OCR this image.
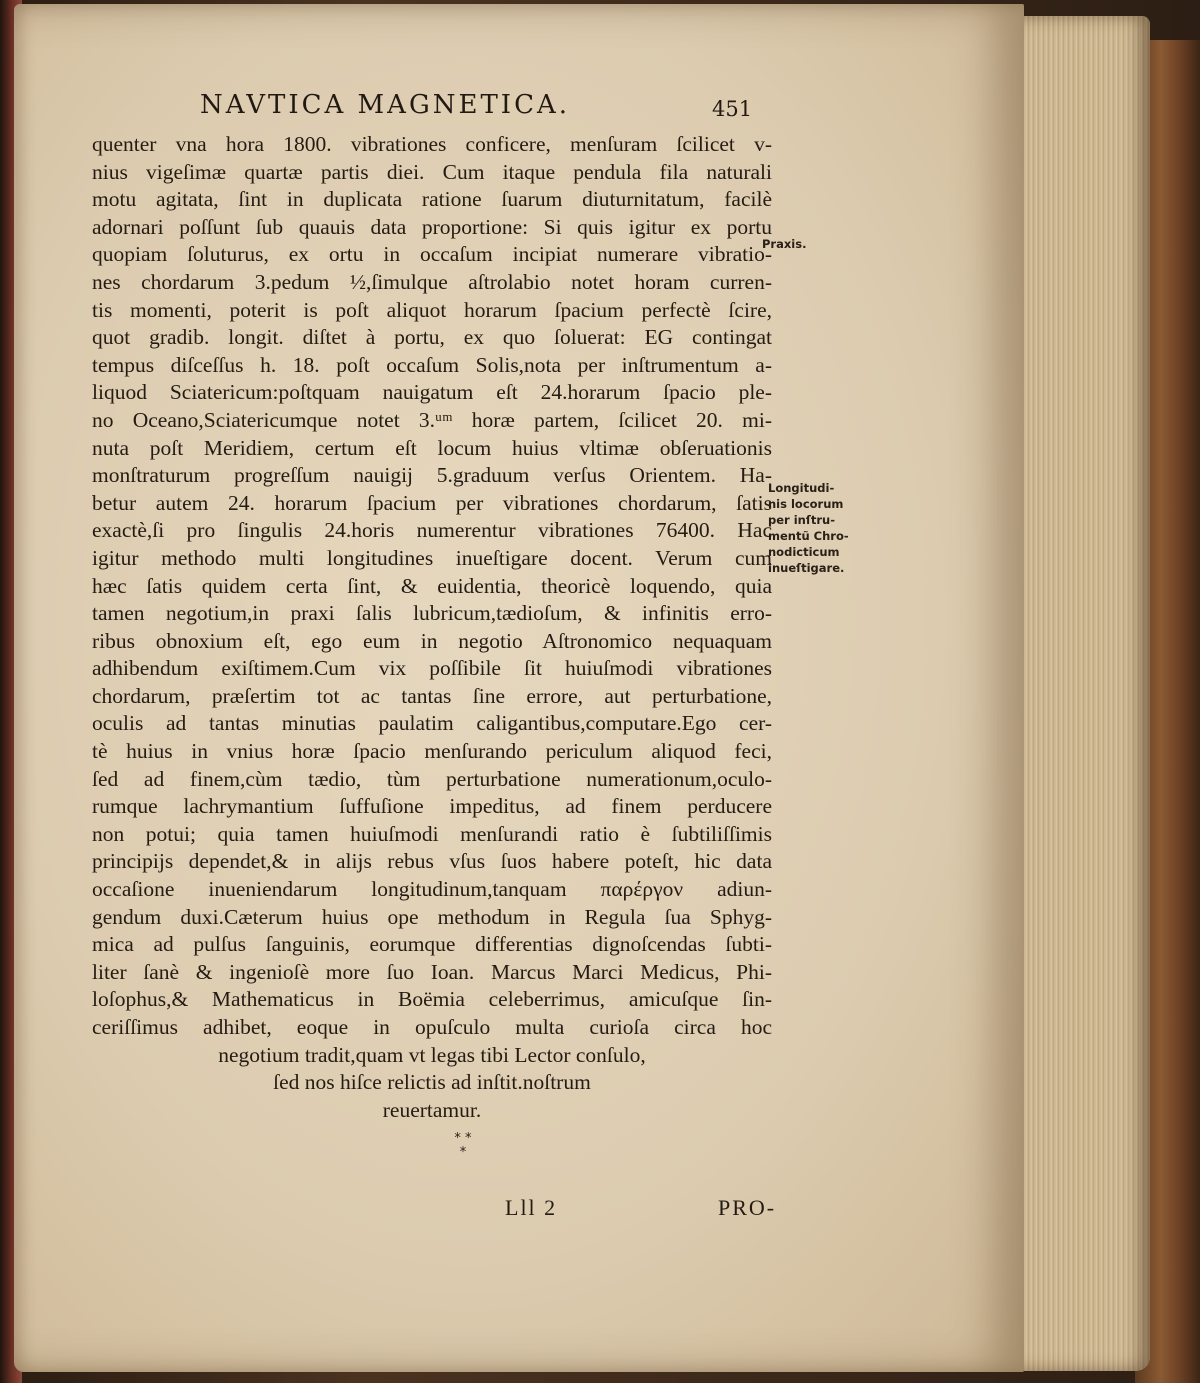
NAVTICA MAGNETICA.	451
quenter vna hora 1800. vibrationes conficere, menſuram ſcilicet v-
nius vigeſimæ quartæ partis diei. Cum itaque pendula fila naturali
motu agitata, ſint in duplicata ratione ſuarum diuturnitatum, facilè
adornari poſſunt ſub quauis data proportione: Si quis igitur ex portu
quopiam ſoluturus, ex ortu in occaſum incipiat numerare vibratio-
nes chordarum 3.pedum ½,ſimulque aſtrolabio notet horam curren-
tis momenti, poterit is poſt aliquot horarum ſpacium perfectè ſcire,
quot gradib. longit. diſtet à portu, ex quo ſoluerat: EG contingat
tempus diſceſſus h. 18. poſt occaſum Solis,nota per inſtrumentum a-
liquod Sciatericum:poſtquam nauigatum eſt 24.horarum ſpacio ple-
no Oceano,Sciatericumque notet 3.ᵘᵐ horæ partem, ſcilicet 20. mi-
nuta poſt Meridiem, certum eſt locum huius vltimæ obſeruationis
monſtraturum progreſſum nauigij 5.graduum verſus Orientem. Ha-
betur autem 24. horarum ſpacium per vibrationes chordarum, ſatis
exactè,ſi pro ſingulis 24.horis numerentur vibrationes 76400. Hac
igitur methodo multi longitudines inueſtigare docent. Verum cum
hæc ſatis quidem certa ſint, & euidentia, theoricè loquendo, quia
tamen negotium,in praxi ſalis lubricum,tædioſum, & infinitis erro-
ribus obnoxium eſt, ego eum in negotio Aſtronomico nequaquam
adhibendum exiſtimem.Cum vix poſſibile ſit huiuſmodi vibrationes
chordarum, præſertim tot ac tantas ſine errore, aut perturbatione,
oculis ad tantas minutias paulatim caligantibus,computare.Ego cer-
tè huius in vnius horæ ſpacio menſurando periculum aliquod feci,
ſed ad finem,cùm tædio, tùm perturbatione numerationum,oculo-
rumque lachrymantium ſuffuſione impeditus, ad finem perducere
non potui; quia tamen huiuſmodi menſurandi ratio è ſubtiliſſimis
principijs dependet,& in alijs rebus vſus ſuos habere poteſt, hic data
occaſione inueniendarum longitudinum,tanquam παρέργον adiun-
gendum duxi.Cæterum huius ope methodum in Regula ſua Sphyg-
mica ad pulſus ſanguinis, eorumque differentias dignoſcendas ſubti-
liter ſanè & ingenioſè more ſuo Ioan. Marcus Marci Medicus, Phi-
loſophus,& Mathematicus in Boëmia celeberrimus, amicuſque ſin-
ceriſſimus adhibet, eoque in opuſculo multa curioſa circa hoc
negotium tradit,quam vt legas tibi Lector conſulo,
ſed nos hiſce relictis ad inſtit.noſtrum
reuertamur.
* *
*
Praxis.
Longitudi-
nis locorum
per inſtru-
mentũ Chro-
nodicticum
inueſtigare.
Lll 2	PRO-
